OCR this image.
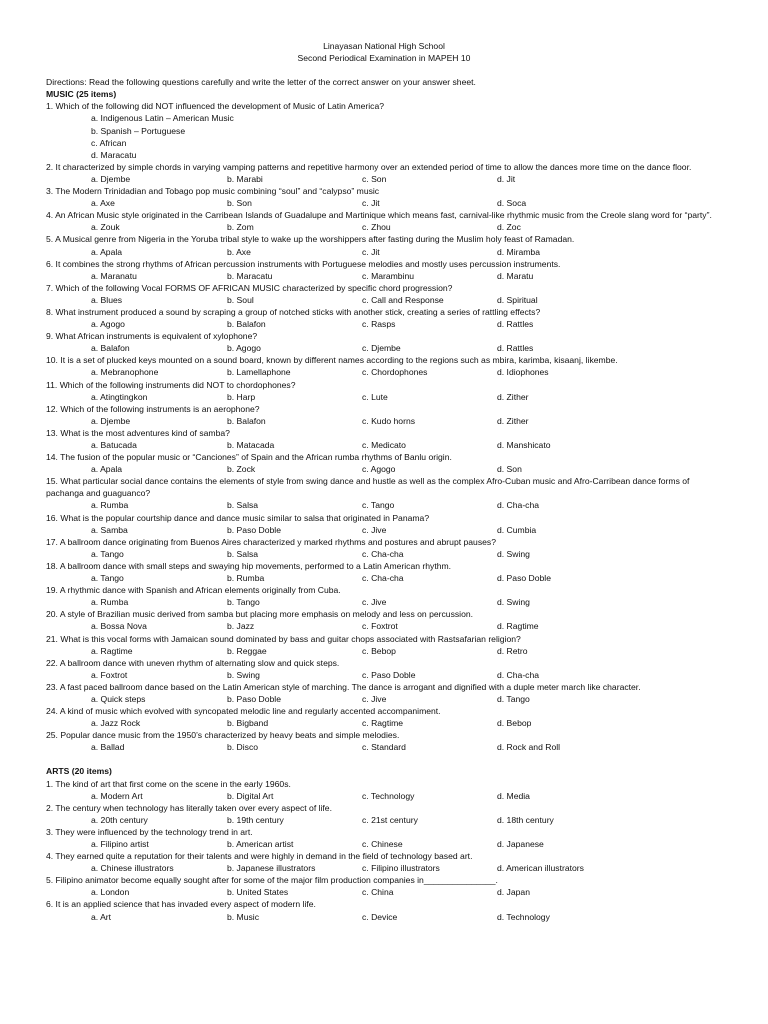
Linayasan National High School
Second Periodical Examination in MAPEH 10
Directions: Read the following questions carefully and write the letter of the correct answer on your answer sheet.
MUSIC (25 items)
1. Which of the following did NOT influenced the development of Music of Latin America?
a. Indigenous Latin – American Music
b. Spanish – Portuguese
c. African
d. Maracatu
2. It characterized by simple chords in varying vamping patterns and repetitive harmony over an extended period of time to allow the dances more time on the dance floor.
a. Djembe	b. Marabi	c. Son	d. Jit
3. The Modern Trinidadian and Tobago pop music combining “soul” and “calypso” music
a. Axe	b. Son	c. Jit	d. Soca
4. An African Music style originated in the Carribean Islands of Guadalupe and Martinique which means fast, carnival-like rhythmic music from the Creole slang word for “party”.
a. Zouk	b. Zom	c. Zhou	d. Zoc
5. A Musical genre from Nigeria in the Yoruba tribal style to wake up the worshippers after fasting during the Muslim holy feast of Ramadan.
a. Apala	b. Axe	c. Jit	d. Miramba
6. It combines the strong rhythms of African percussion instruments with Portuguese melodies and mostly uses percussion instruments.
a. Maranatu	b. Maracatu	c. Marambinu	d. Maratu
7. Which of the following Vocal FORMS OF AFRICAN MUSIC characterized by specific chord progression?
a. Blues	b. Soul	c. Call and Response	d. Spiritual
8. What instrument produced a sound by scraping a group of notched sticks with another stick, creating a series of rattling effects?
a. Agogo	b. Balafon	c. Rasps	d. Rattles
9. What African instruments is equivalent of xylophone?
a. Balafon	b. Agogo	c. Djembe	d. Rattles
10. It is a set of plucked keys mounted on a sound board, known by different names according to the regions such as mbira, karimba, kisaanj, likembe.
a. Mebranophone	b. Lamellaphone	c. Chordophones	d. Idiophones
11. Which of the following instruments did NOT to chordophones?
a. Atingtingkon	b. Harp	c. Lute	d. Zither
12. Which of the following instruments is an aerophone?
a. Djembe	b. Balafon	c. Kudo horns	d. Zither
13. What is the most adventures kind of samba?
a. Batucada	b. Matacada	c. Medicato	d. Manshicato
14. The fusion of the popular music or “Canciones” of Spain and the African rumba rhythms of Banlu origin.
a. Apala	b. Zock	c. Agogo	d. Son
15. What particular social dance contains the elements of style from swing dance and hustle as well as the complex Afro-Cuban music and Afro-Carribean dance forms of pachanga and guaguanco?
a. Rumba	b. Salsa	c. Tango	d. Cha-cha
16. What is the popular courtship dance and dance music similar to salsa that originated in Panama?
a. Samba	b. Paso Doble	c. Jive	d. Cumbia
17. A ballroom dance originating from Buenos Aires characterized y marked rhythms and postures and abrupt pauses?
a. Tango	b. Salsa	c. Cha-cha	d. Swing
18. A ballroom dance with small steps and swaying hip movements, performed to a Latin American rhythm.
a. Tango	b. Rumba	c. Cha-cha	d. Paso Doble
19. A rhythmic dance with Spanish and African elements originally from Cuba.
a. Rumba	b. Tango	c. Jive	d. Swing
20. A style of Brazilian music derived from samba but placing more emphasis on melody and less on percussion.
a. Bossa Nova	b. Jazz	c. Foxtrot	d. Ragtime
21. What is this vocal forms with Jamaican sound dominated by bass and guitar chops associated with Rastsafarian religion?
a. Ragtime	b. Reggae	c. Bebop	d. Retro
22. A ballroom dance with uneven rhythm of alternating slow and quick steps.
a. Foxtrot	b. Swing	c. Paso Doble	d. Cha-cha
23. A fast paced ballroom dance based on the Latin American style of marching. The dance is arrogant and dignified with a duple meter march like character.
a. Quick steps	b. Paso Doble	c. Jive	d. Tango
24. A kind of music which evolved with syncopated melodic line and regularly accented accompaniment.
a. Jazz Rock	b. Bigband	c. Ragtime	d. Bebop
25. Popular dance music from the 1950’s characterized by heavy beats and simple melodies.
a. Ballad	b. Disco	c. Standard	d. Rock and Roll
ARTS (20 items)
1. The kind of art that first come on the scene in the early 1960s.
a. Modern Art	b. Digital Art	c. Technology	d. Media
2. The century when technology has literally taken over every aspect of life.
a. 20th century	b. 19th century	c. 21st century	d. 18th century
3. They were influenced by the technology trend in art.
a. Filipino artist	b. American artist	c. Chinese	d. Japanese
4. They earned quite a reputation for their talents and were highly in demand in the field of technology based art.
a. Chinese illustrators	b. Japanese illustrators	c. Filipino illustrators	d. American illustrators
5. Filipino animator become equally sought after for some of the major film production companies in_______________.
a. London	b. United States	c. China	d. Japan
6. It is an applied science that has invaded every aspect of modern life.
a. Art	b. Music	c. Device	d. Technology
